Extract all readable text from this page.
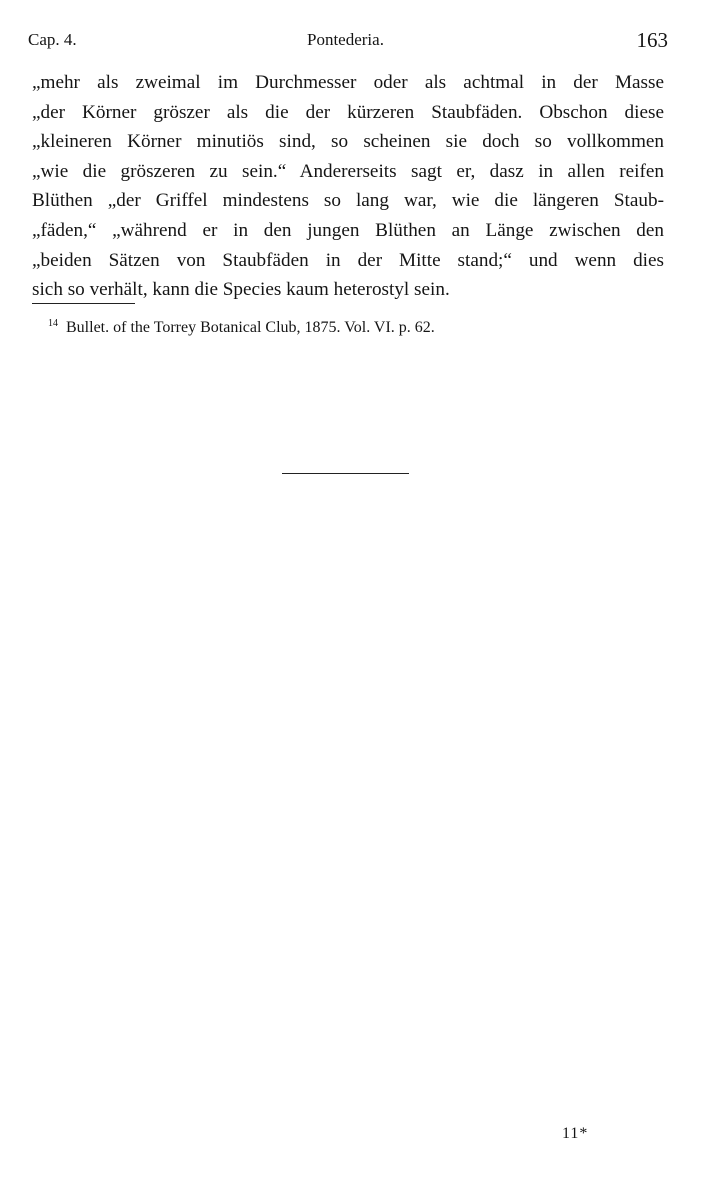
Cap. 4.	Pontederia.	163
„mehr als zweimal im Durchmesser oder als achtmal in der Masse
„der Körner gröszer als die der kürzeren Staubfäden. Obschon diese
„kleineren Körner minutiös sind, so scheinen sie doch so vollkommen
„wie die gröszeren zu sein.“ Andererseits sagt er, dasz in allen reifen
Blüthen „der Griffel mindestens so lang war, wie die längeren Staub-
„fäden,“ „während er in den jungen Blüthen an Länge zwischen den
„beiden Sätzen von Staubfäden in der Mitte stand;“ und wenn dies
sich so verhält, kann die Species kaum heterostyl sein.
$^{14}$ Bullet. of the Torrey Botanical Club, 1875. Vol. VI. p. 62.
11*
